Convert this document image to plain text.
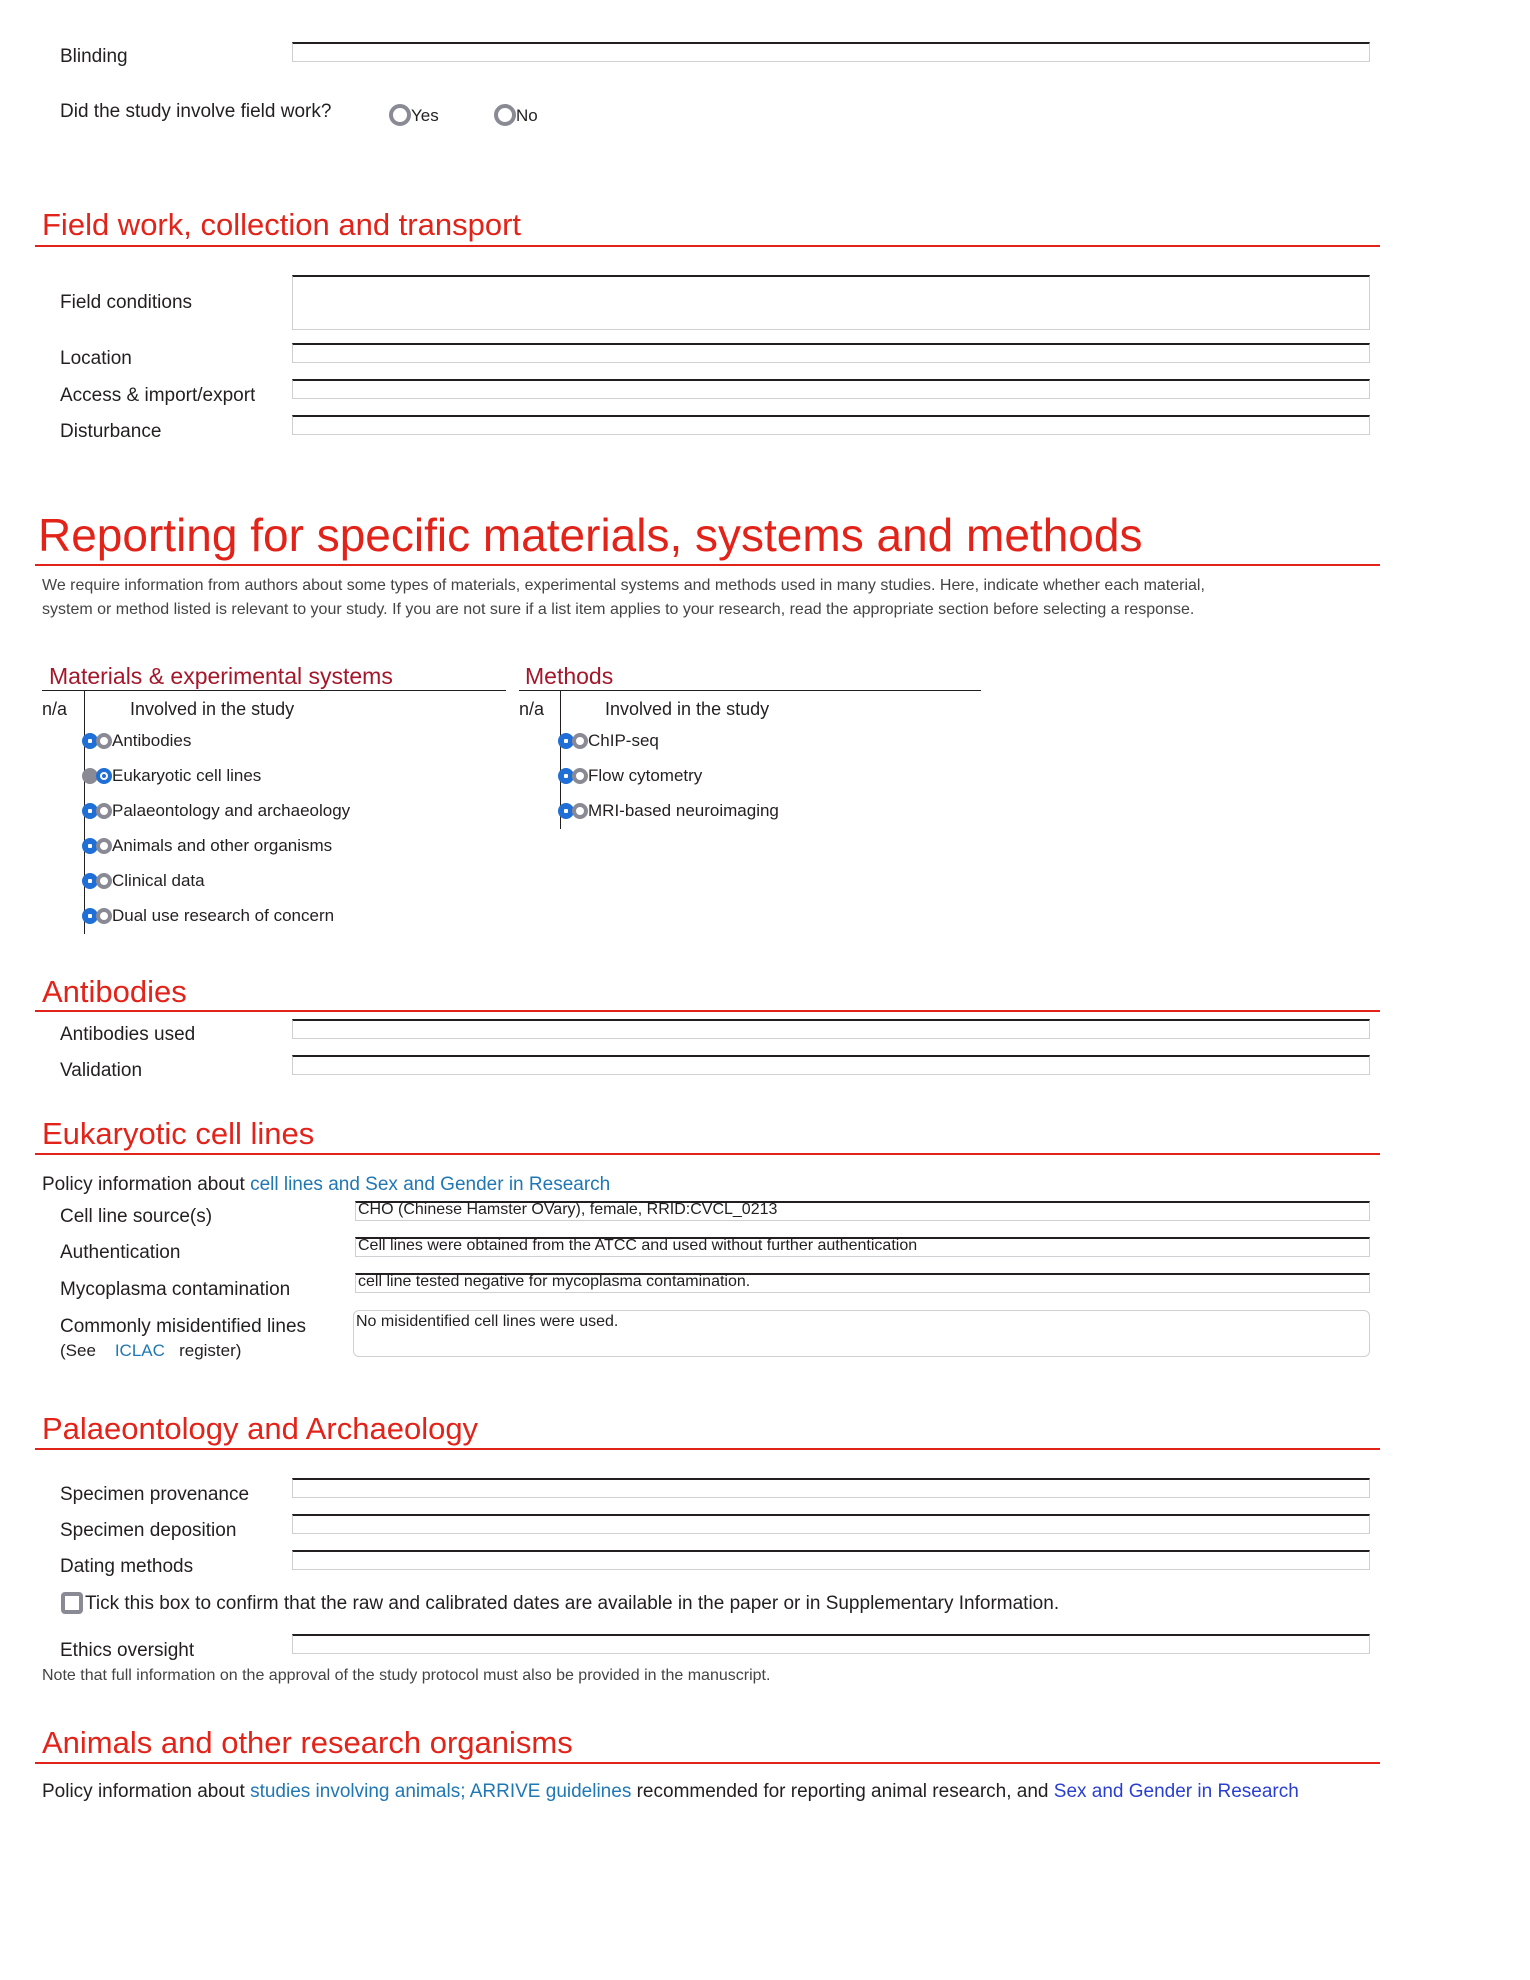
Blinding
Did the study involve field work?	Yes	No
Field work, collection and transport
Field conditions
Location
Access & import/export
Disturbance
Reporting for specific materials, systems and methods
We require information from authors about some types of materials, experimental systems and methods used in many studies. Here, indicate whether each material,
system or method listed is relevant to your study. If you are not sure if a list item applies to your research, read the appropriate section before selecting a response.
Materials & experimental systems
n/a	Involved in the study
Antibodies
Eukaryotic cell lines
Palaeontology and archaeology
Animals and other organisms
Clinical data
Dual use research of concern
Methods
n/a	Involved in the study
ChIP-seq
Flow cytometry
MRI-based neuroimaging
Antibodies
Antibodies used
Validation
Eukaryotic cell lines
Policy information about cell lines and Sex and Gender in Research
Cell line source(s)	CHO (Chinese Hamster OVary), female, RRID:CVCL_0213
Authentication	Cell lines were obtained from the ATCC and used without further authentication
Mycoplasma contamination	cell line tested negative for mycoplasma contamination.
Commonly misidentified lines
(See ICLAC register)
No misidentified cell lines were used.
Palaeontology and Archaeology
Specimen provenance
Specimen deposition
Dating methods
Tick this box to confirm that the raw and calibrated dates are available in the paper or in Supplementary Information.
Ethics oversight
Note that full information on the approval of the study protocol must also be provided in the manuscript.
Animals and other research organisms
Policy information about studies involving animals; ARRIVE guidelines recommended for reporting animal research, and Sex and Gender in Research
